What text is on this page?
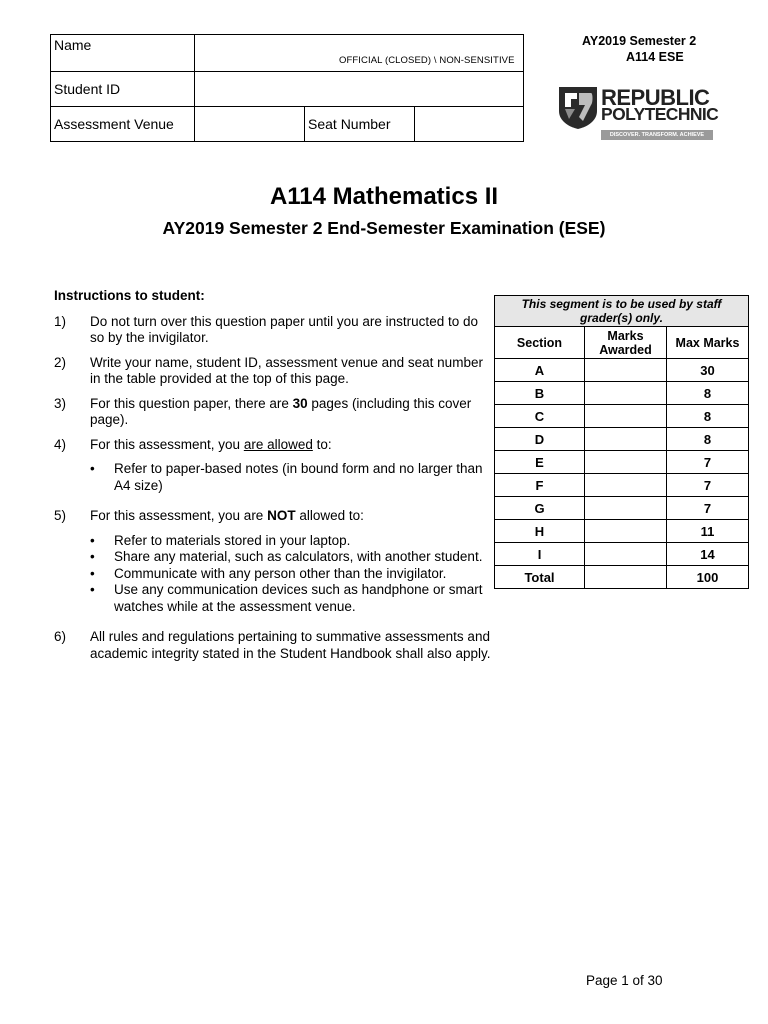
Name			
Student ID			
Assessment Venue		Seat Number	
OFFICIAL (CLOSED) \ NON-SENSITIVE
AY2019 Semester 2
A114 ESE
REPUBLIC
POLYTECHNIC
DISCOVER. TRANSFORM. ACHIEVE
A114 Mathematics II
AY2019 Semester 2 End-Semester Examination (ESE)
Instructions to student:
1) Do not turn over this question paper until you are instructed to do so by the invigilator.
2) Write your name, student ID, assessment venue and seat number in the table provided at the top of this page.
3) For this question paper, there are 30 pages (including this cover page).
4) For this assessment, you are allowed to:
• Refer to paper-based notes (in bound form and no larger than A4 size)
5) For this assessment, you are NOT allowed to:
• Refer to materials stored in your laptop.
• Share any material, such as calculators, with another student.
• Communicate with any person other than the invigilator.
• Use any communication devices such as handphone or smart watches while at the assessment venue.
6) All rules and regulations pertaining to summative assessments and academic integrity stated in the Student Handbook shall also apply.
This segment is to be used by staff grader(s) only.		
Section	Marks Awarded	Max Marks
A		30
B		8
C		8
D		8
E		7
F		7
G		7
H		11
I		14
Total		100
Page 1 of 30
